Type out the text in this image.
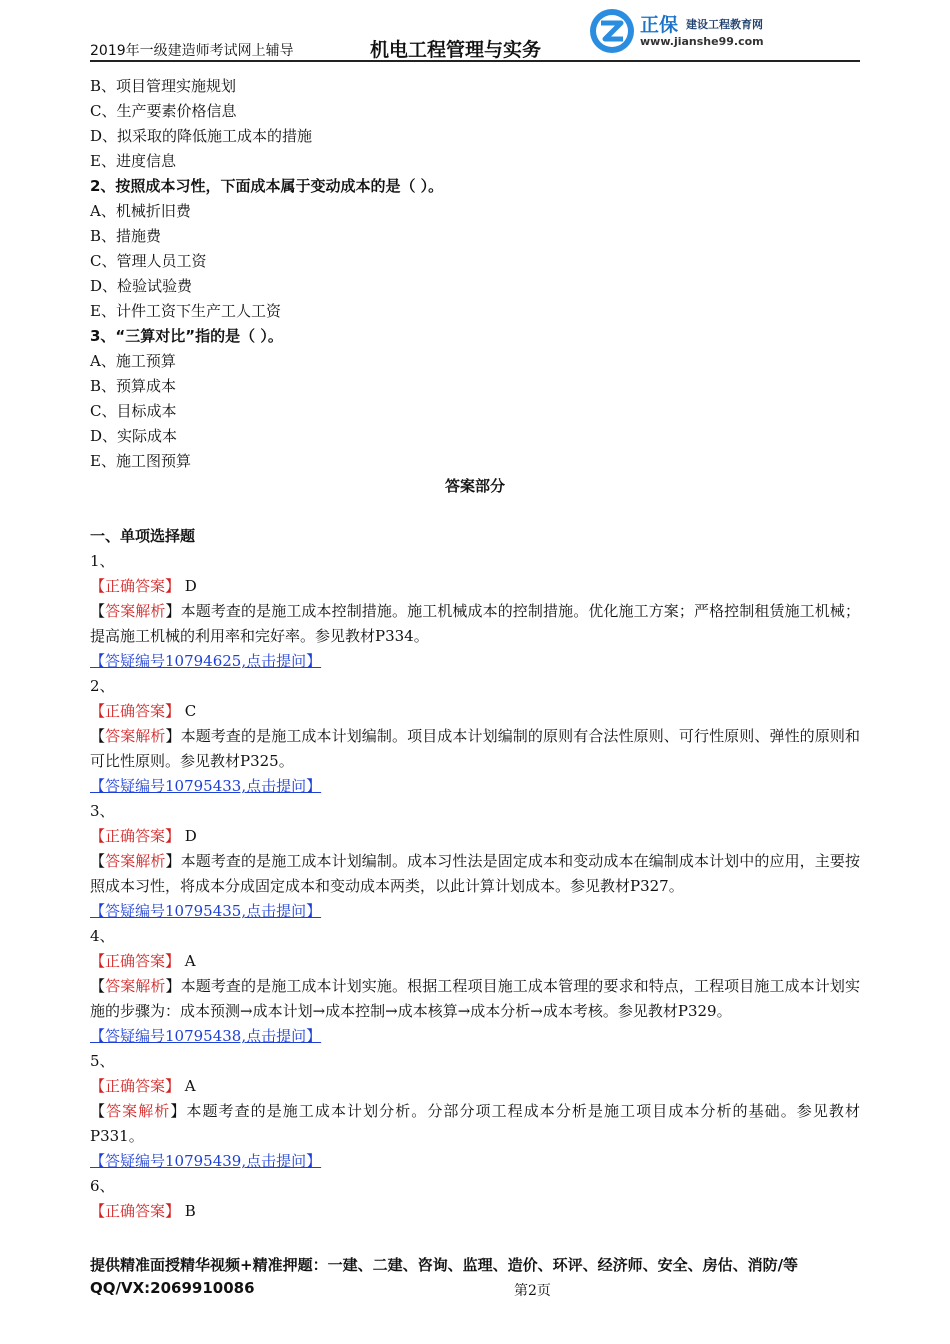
2019年一级建造师考试网上辅导	机电工程管理与实务
正保 建设工程教育网
www.jianshe99.com
B、项目管理实施规划
C、生产要素价格信息
D、拟采取的降低施工成本的措施
E、进度信息
2、按照成本习性，下面成本属于变动成本的是（ ）。
A、机械折旧费
B、措施费
C、管理人员工资
D、检验试验费
E、计件工资下生产工人工资
3、“三算对比”指的是（ ）。
A、施工预算
B、预算成本
C、目标成本
D、实际成本
E、施工图预算
答案部分
一、单项选择题
1、
【正确答案】 D
【答案解析】本题考查的是施工成本控制措施。施工机械成本的控制措施。优化施工方案；严格控制租赁施工机械；提高施工机械的利用率和完好率。参见教材P334。
【答疑编号10794625,点击提问】
2、
【正确答案】 C
【答案解析】本题考查的是施工成本计划编制。项目成本计划编制的原则有合法性原则、可行性原则、弹性的原则和可比性原则。参见教材P325。
【答疑编号10795433,点击提问】
3、
【正确答案】 D
【答案解析】本题考查的是施工成本计划编制。成本习性法是固定成本和变动成本在编制成本计划中的应用，主要按照成本习性，将成本分成固定成本和变动成本两类，以此计算计划成本。参见教材P327。
【答疑编号10795435,点击提问】
4、
【正确答案】 A
【答案解析】本题考查的是施工成本计划实施。根据工程项目施工成本管理的要求和特点，工程项目施工成本计划实施的步骤为：成本预测→成本计划→成本控制→成本核算→成本分析→成本考核。参见教材P329。
【答疑编号10795438,点击提问】
5、
【正确答案】 A
【答案解析】本题考查的是施工成本计划分析。分部分项工程成本分析是施工项目成本分析的基础。参见教材P331。
【答疑编号10795439,点击提问】
6、
【正确答案】 B
提供精准面授精华视频+精准押题：一建、二建、咨询、监理、造价、环评、经济师、安全、房估、消防/等
QQ/VX:2069910086	第2页
